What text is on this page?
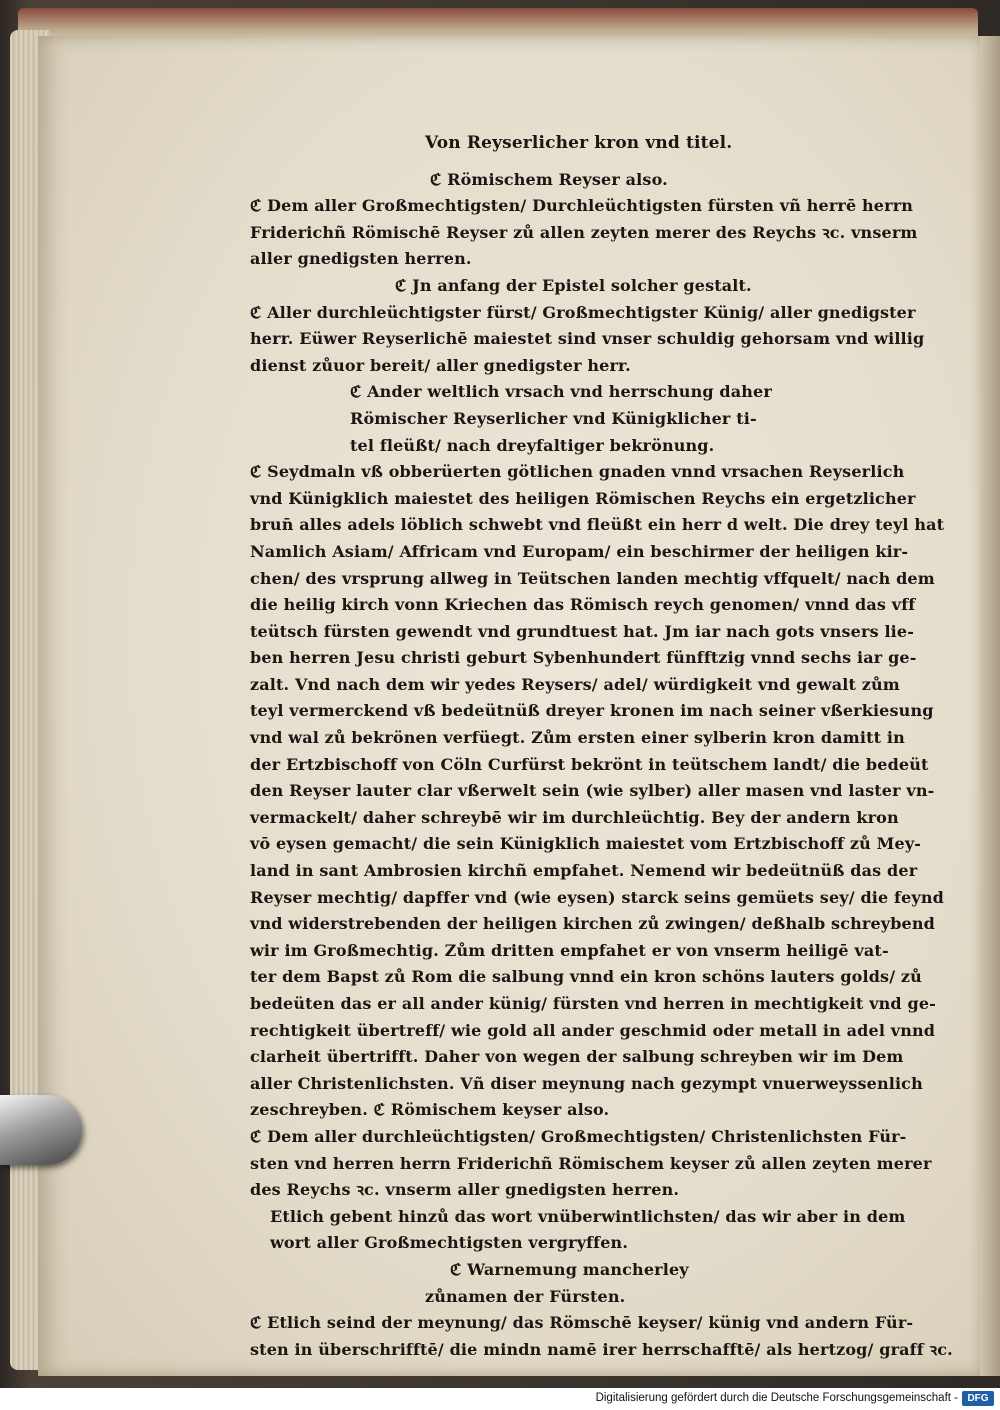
Von Reyserlicher kron vnd titel.
ℭ Römischem Reyser also.
ℭ Dem aller Großmechtigsten/ Durchleüchtigsten fürsten vñ herrē herrn
Friderichñ Römischē Reyser zů allen zeyten merer des Reychs ꝛc. vnserm
aller gnedigsten herren.
ℭ Jn anfang der Epistel solcher gestalt.
ℭ Aller durchleüchtigster fürst/ Großmechtigster Künig/ aller gnedigster
herr. Eüwer Reyserlichē maiestet sind vnser schuldig gehorsam vnd willig
dienst zůuor bereit/ aller gnedigster herr.
ℭ Ander weltlich vrsach vnd herrschung daher
Römischer Reyserlicher vnd Künigklicher ti-
tel fleüßt/ nach dreyfaltiger bekrönung.
ℭ Seydmaln vß obberüerten götlichen gnaden vnnd vrsachen Reyserlich
vnd Künigklich maiestet des heiligen Römischen Reychs ein ergetzlicher
brun̄ alles adels löblich schwebt vnd fleüßt ein herr d welt. Die drey teyl hat
Namlich Asiam/ Affricam vnd Europam/ ein beschirmer der heiligen kir-
chen/ des vrsprung allweg in Teütschen landen mechtig vffquelt/ nach dem
die heilig kirch vonn Kriechen das Römisch reych genomen/ vnnd das vff
teütsch fürsten gewendt vnd grundtuest hat. Jm iar nach gots vnsers lie-
ben herren Jesu christi geburt Sybenhundert fünfftzig vnnd sechs iar ge-
zalt. Vnd nach dem wir yedes Reysers/ adel/ würdigkeit vnd gewalt zům
teyl vermerckend vß bedeütnüß dreyer kronen im nach seiner vßerkiesung
vnd wal zů bekrönen verfüegt. Zům ersten einer sylberin kron damitt in
der Ertzbischoff von Cöln Curfürst bekrönt in teütschem landt/ die bedeüt
den Reyser lauter clar vßerwelt sein (wie sylber) aller masen vnd laster vn-
vermackelt/ daher schreybē wir im durchleüchtig. Bey der andern kron
vō eysen gemacht/ die sein Künigklich maiestet vom Ertzbischoff zů Mey-
land in sant Ambrosien kirchñ empfahet. Nemend wir bedeütnüß das der
Reyser mechtig/ dapffer vnd (wie eysen) starck seins gemüets sey/ die feynd
vnd widerstrebenden der heiligen kirchen zů zwingen/ deßhalb schreybend
wir im Großmechtig. Zům dritten empfahet er von vnserm heiligē vat-
ter dem Bapst zů Rom die salbung vnnd ein kron schöns lauters golds/ zů
bedeüten das er all ander künig/ fürsten vnd herren in mechtigkeit vnd ge-
rechtigkeit übertreff/ wie gold all ander geschmid oder metall in adel vnnd
clarheit übertrifft. Daher von wegen der salbung schreyben wir im Dem
aller Christenlichsten. Vñ diser meynung nach gezympt vnuerweyssenlich
zeschreyben. ℭ Römischem keyser also.
ℭ Dem aller durchleüchtigsten/ Großmechtigsten/ Christenlichsten Für-
sten vnd herren herrn Friderichñ Römischem keyser zů allen zeyten merer
des Reychs ꝛc. vnserm aller gnedigsten herren.
Etlich gebent hinzů das wort vnüberwintlichsten/ das wir aber in dem
wort aller Großmechtigsten vergryffen.
ℭ Warnemung mancherley
zůnamen der Fürsten.
ℭ Etlich seind der meynung/ das Römschē keyser/ künig vnd andern Für-
sten in überschrifftē/ die mindn namē irer herrschafftē/ als hertzog/ graff ꝛc.
Digitalisierung gefördert durch die Deutsche Forschungsgemeinschaft - DFG
